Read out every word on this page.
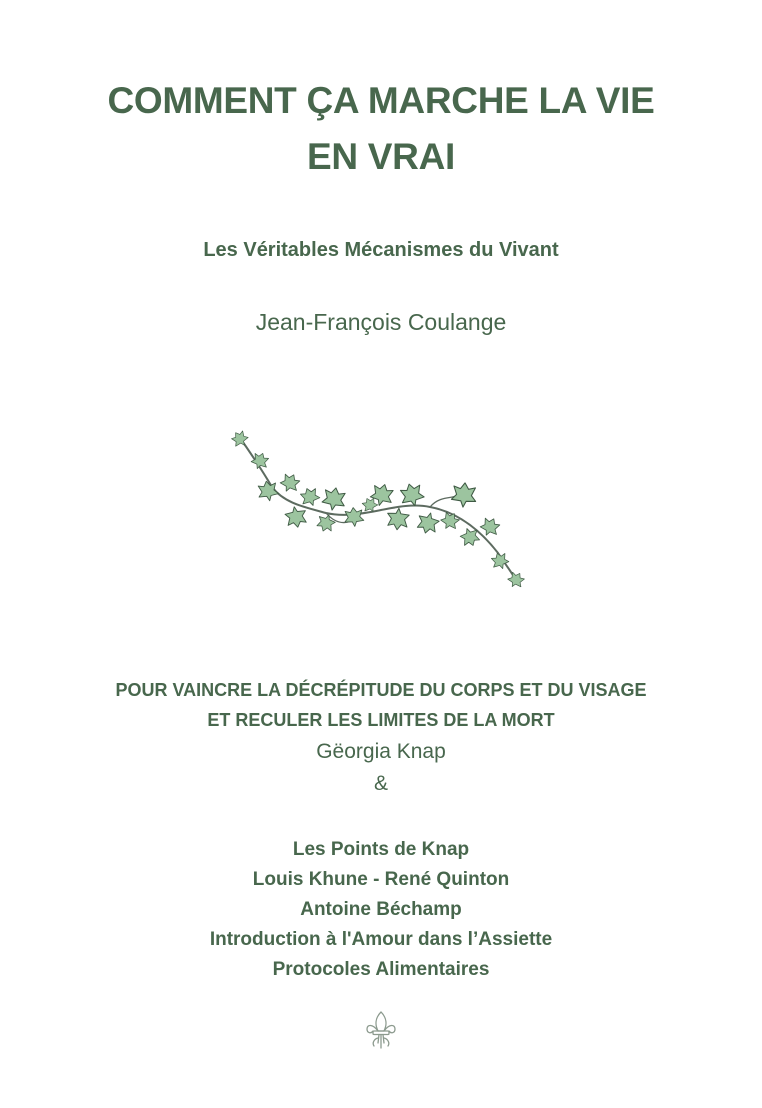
COMMENT ÇA MARCHE LA VIE
EN VRAI
Les Véritables Mécanismes du Vivant
Jean-François Coulange
POUR VAINCRE LA DÉCRÉPITUDE DU CORPS ET DU VISAGE
ET RECULER LES LIMITES DE LA MORT
Gëorgia Knap
&
Les Points de Knap
Louis Khune - René Quinton
Antoine Béchamp
Introduction à l'Amour dans l’Assiette
Protocoles Alimentaires
